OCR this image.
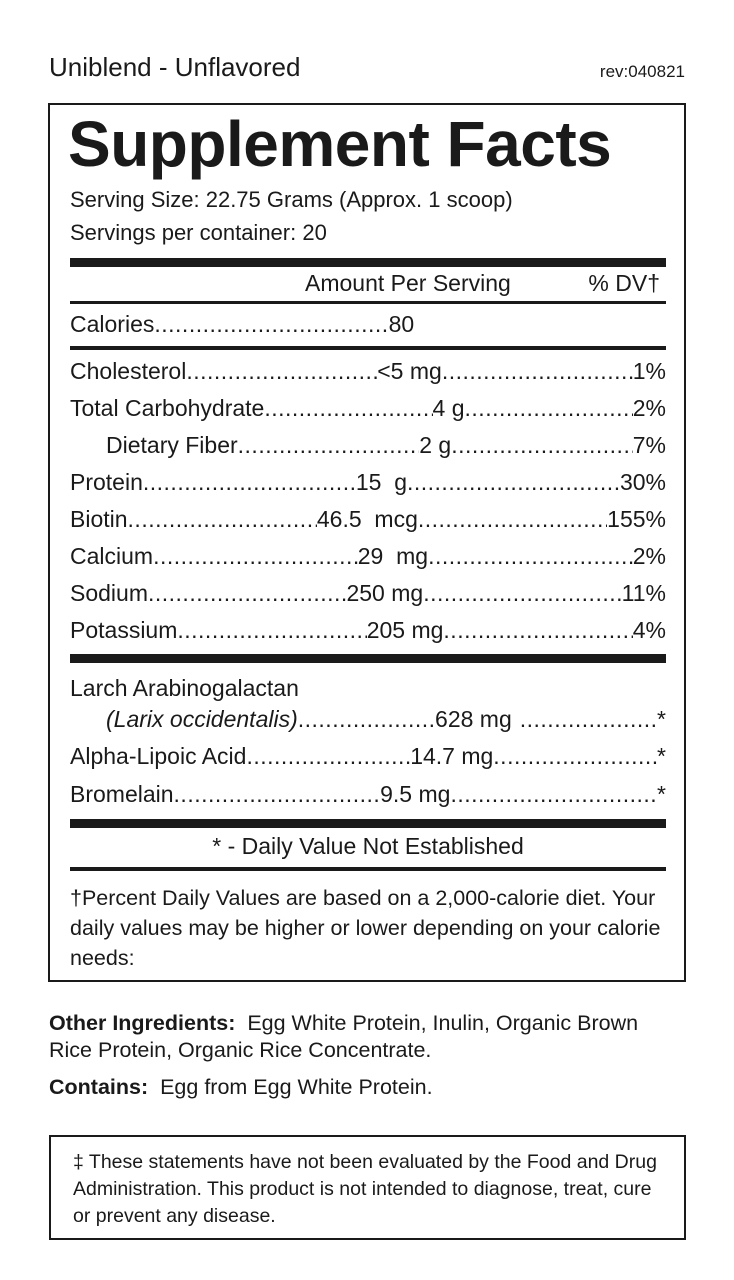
Uniblend - Unflavored	rev:040821
Supplement Facts
Serving Size: 22.75 Grams (Approx. 1 scoop)
Servings per container: 20
Amount Per Serving	% DV†
Calories .................................. 80
Cholesterol .....	<5 mg .....	1%
Total Carbohydrate .....	4 g .....	2%
Dietary Fiber .....	2 g .....	7%
Protein .....	15  g .....	30%
Biotin .....	46.5  mcg .....	155%
Calcium .....	29  mg .....	2%
Sodium .....	250 mg .....	11%
Potassium .....	205 mg .....	4%
Larch Arabinogalactan
(Larix occidentalis) .....	628 mg .....	*
Alpha-Lipoic Acid .....	14.7 mg .....	*
Bromelain .....	9.5 mg .....	*
* - Daily Value Not Established
†Percent Daily Values are based on a 2,000-calorie diet. Your daily values may be higher or lower depending on your calorie needs:
Other Ingredients: Egg White Protein, Inulin, Organic Brown Rice Protein, Organic Rice Concentrate.
Contains: Egg from Egg White Protein.
‡ These statements have not been evaluated by the Food and Drug Administration. This product is not intended to diagnose, treat, cure or prevent any disease.
